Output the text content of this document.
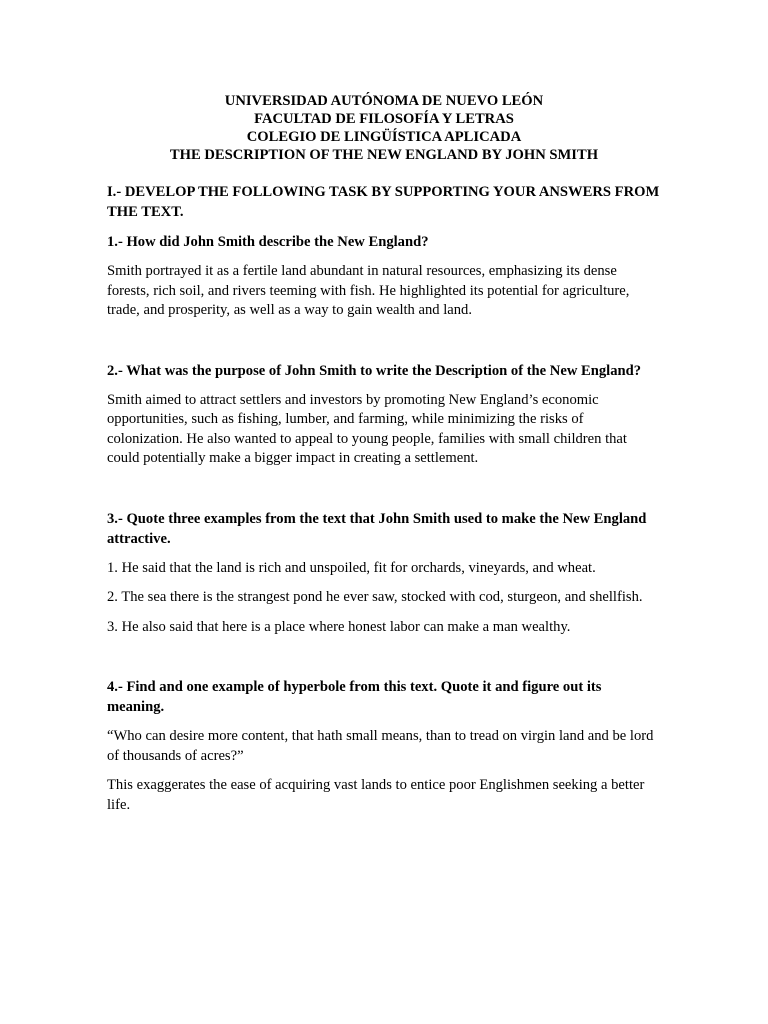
UNIVERSIDAD AUTÓNOMA DE NUEVO LEÓN
FACULTAD DE FILOSOFÍA Y LETRAS
COLEGIO DE LINGÜÍSTICA APLICADA
THE DESCRIPTION OF THE NEW ENGLAND BY JOHN SMITH
I.- DEVELOP THE FOLLOWING TASK BY SUPPORTING YOUR ANSWERS FROM THE TEXT.
1.- How did John Smith describe the New England?
Smith portrayed it as a fertile land abundant in natural resources, emphasizing its dense forests, rich soil, and rivers teeming with fish. He highlighted its potential for agriculture, trade, and prosperity, as well as a way to gain wealth and land.
2.- What was the purpose of John Smith to write the Description of the New England?
Smith aimed to attract settlers and investors by promoting New England’s economic opportunities, such as fishing, lumber, and farming, while minimizing the risks of colonization. He also wanted to appeal to young people, families with small children that could potentially make a bigger impact in creating a settlement.
3.- Quote three examples from the text that John Smith used to make the New England attractive.
1. He said that the land is rich and unspoiled, fit for orchards, vineyards, and wheat.
2. The sea there is the strangest pond he ever saw, stocked with cod, sturgeon, and shellfish.
3. He also said that here is a place where honest labor can make a man wealthy.
4.- Find and one example of hyperbole from this text. Quote it and figure out its meaning.
“Who can desire more content, that hath small means, than to tread on virgin land and be lord of thousands of acres?”
This exaggerates the ease of acquiring vast lands to entice poor Englishmen seeking a better life.
